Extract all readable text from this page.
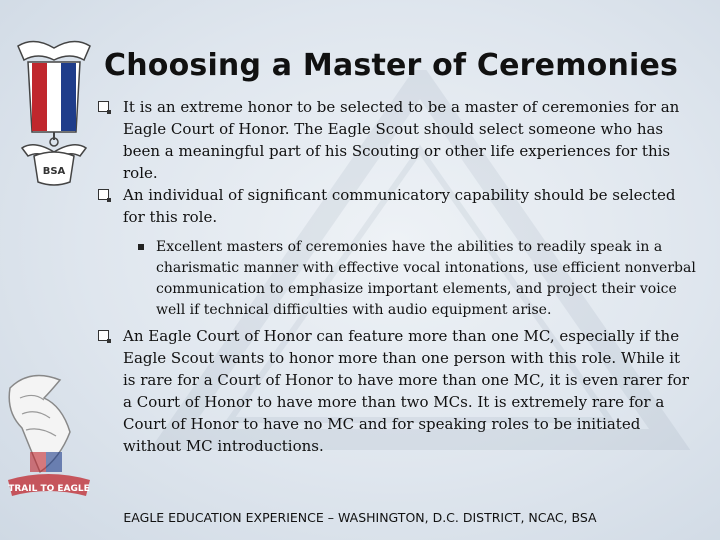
BSA
TRAIL TO EAGLE
Choosing a Master of Ceremonies
It is an extreme honor to be selected to be a master of ceremonies for an Eagle Court of Honor. The Eagle Scout should select someone who has been a meaningful part of his Scouting or other life experiences for this role.
An individual of significant communicatory capability should be selected for this role.
Excellent masters of ceremonies have the abilities to readily speak in a charismatic manner with effective vocal intonations, use efficient nonverbal communication to emphasize important elements, and project their voice well if technical difficulties with audio equipment arise.
An Eagle Court of Honor can feature more than one MC, especially if the Eagle Scout wants to honor more than one person with this role. While it is rare for a Court of Honor to have more than one MC, it is even rarer for a Court of Honor to have more than two MCs. It is extremely rare for a Court of Honor to have no MC and for speaking roles to be initiated without MC introductions.
EAGLE EDUCATION EXPERIENCE – WASHINGTON, D.C. DISTRICT, NCAC, BSA
